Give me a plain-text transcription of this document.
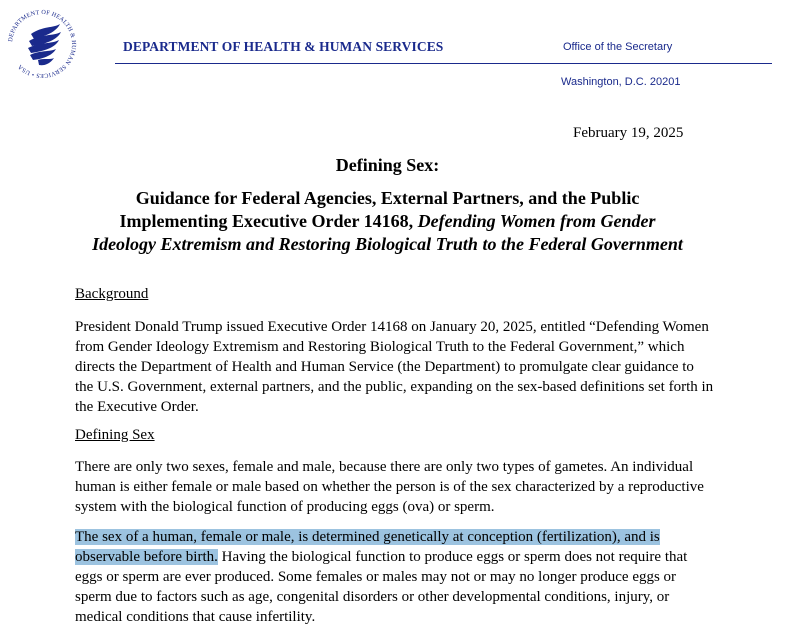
DEPARTMENT OF HEALTH & HUMAN SERVICES • USA
DEPARTMENT OF HEALTH & HUMAN SERVICES	Office of the Secretary
Washington, D.C. 20201
February 19, 2025
Defining Sex:
Guidance for Federal Agencies, External Partners, and the Public
Implementing Executive Order 14168, Defending Women from Gender
Ideology Extremism and Restoring Biological Truth to the Federal Government
Background
President Donald Trump issued Executive Order 14168 on January 20, 2025, entitled “Defending Women from Gender Ideology Extremism and Restoring Biological Truth to the Federal Government,” which directs the Department of Health and Human Service (the Department) to promulgate clear guidance to the U.S. Government, external partners, and the public, expanding on the sex-based definitions set forth in the Executive Order.
Defining Sex
There are only two sexes, female and male, because there are only two types of gametes. An individual human is either female or male based on whether the person is of the sex characterized by a reproductive system with the biological function of producing eggs (ova) or sperm.
The sex of a human, female or male, is determined genetically at conception (fertilization), and is observable before birth. Having the biological function to produce eggs or sperm does not require that eggs or sperm are ever produced. Some females or males may not or may no longer produce eggs or sperm due to factors such as age, congenital disorders or other developmental conditions, injury, or medical conditions that cause infertility.
